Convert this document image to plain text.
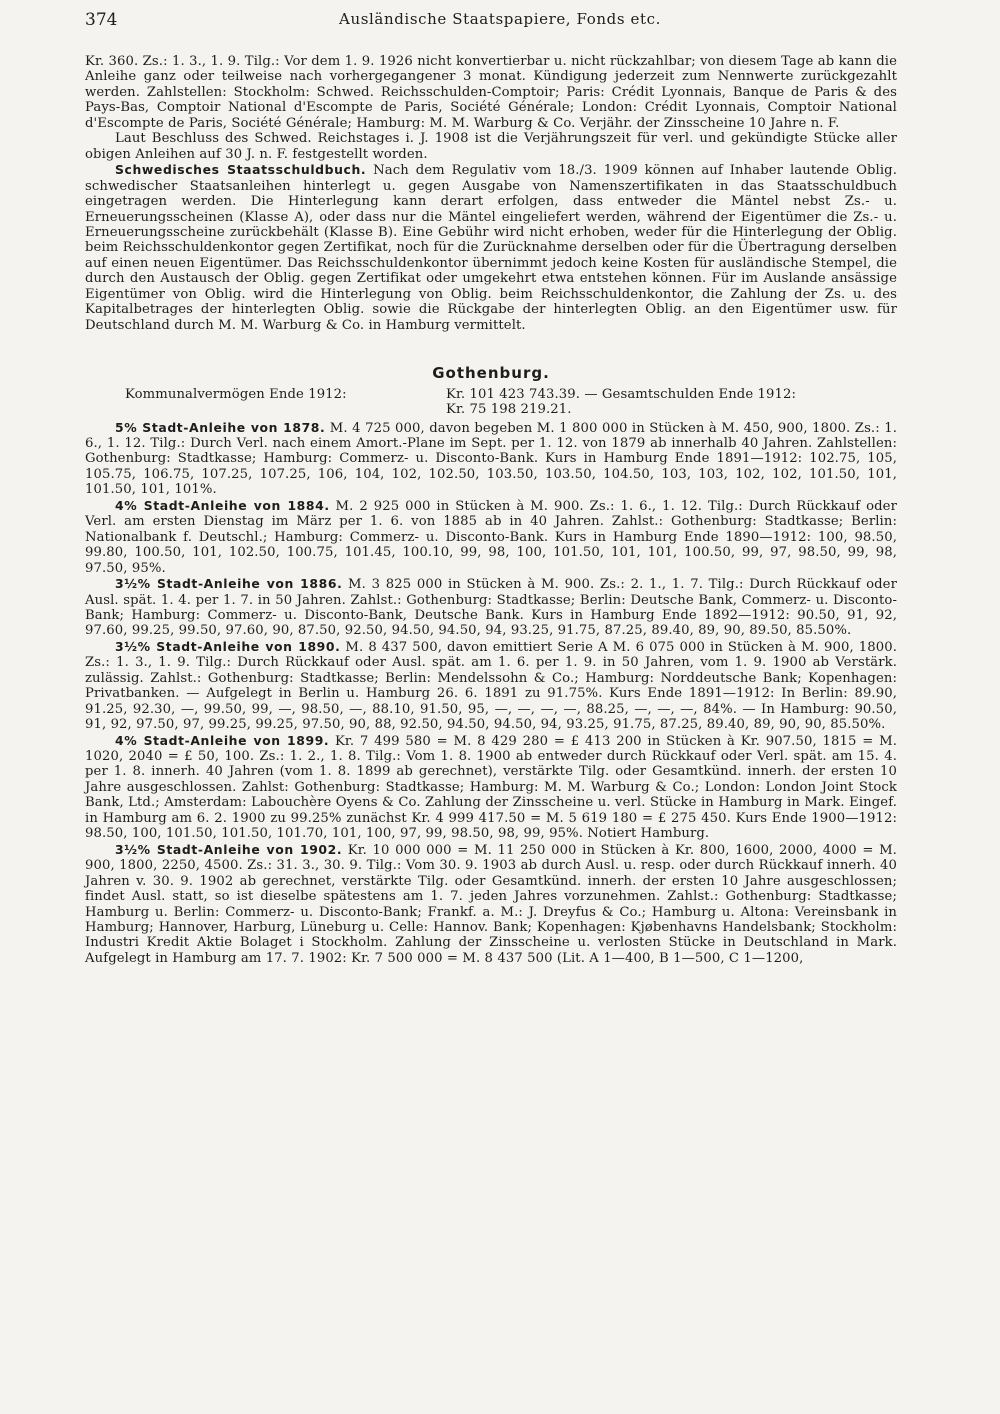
374	Ausländische Staatspapiere, Fonds etc.

Kr. 360. Zs.: 1. 3., 1. 9. Tilg.: Vor dem 1. 9. 1926 nicht konvertierbar u. nicht rückzahlbar; von diesem Tage ab kann die Anleihe ganz oder teilweise nach vorhergegangener 3 monat. Kündigung jederzeit zum Nennwerte zurückgezahlt werden. Zahlstellen: Stockholm: Schwed. Reichsschulden-Comptoir; Paris: Crédit Lyonnais, Banque de Paris & des Pays-Bas, Comptoir National d'Escompte de Paris, Société Générale; London: Crédit Lyonnais, Comptoir National d'Escompte de Paris, Société Générale; Hamburg: M. M. Warburg & Co. Verjähr. der Zinsscheine 10 Jahre n. F.

Laut Beschluss des Schwed. Reichstages i. J. 1908 ist die Verjährungszeit für verl. und gekündigte Stücke aller obigen Anleihen auf 30 J. n. F. festgestellt worden.

Schwedisches Staatsschuldbuch. Nach dem Regulativ vom 18./3. 1909 können auf Inhaber lautende Oblig. schwedischer Staatsanleihen hinterlegt u. gegen Ausgabe von Namenszertifikaten in das Staatsschuldbuch eingetragen werden. Die Hinterlegung kann derart erfolgen, dass entweder die Mäntel nebst Zs.- u. Erneuerungsscheinen (Klasse A), oder dass nur die Mäntel eingeliefert werden, während der Eigentümer die Zs.- u. Erneuerungsscheine zurückbehält (Klasse B). Eine Gebühr wird nicht erhoben, weder für die Hinterlegung der Oblig. beim Reichsschuldenkontor gegen Zertifikat, noch für die Zurücknahme derselben oder für die Übertragung derselben auf einen neuen Eigentümer. Das Reichsschuldenkontor übernimmt jedoch keine Kosten für ausländische Stempel, die durch den Austausch der Oblig. gegen Zertifikat oder umgekehrt etwa entstehen können. Für im Auslande ansässige Eigentümer von Oblig. wird die Hinterlegung von Oblig. beim Reichsschuldenkontor, die Zahlung der Zs. u. des Kapitalbetrages der hinterlegten Oblig. sowie die Rückgabe der hinterlegten Oblig. an den Eigentümer usw. für Deutschland durch M. M. Warburg & Co. in Hamburg vermittelt.

Gothenburg.
Kommunalvermögen Ende 1912:	Kr. 101 423 743.39. — Gesamtschulden Ende 1912:
Kr. 75 198 219.21.

5% Stadt-Anleihe von 1878. M. 4 725 000, davon begeben M. 1 800 000 in Stücken à M. 450, 900, 1800. Zs.: 1. 6., 1. 12. Tilg.: Durch Verl. nach einem Amort.-Plane im Sept. per 1. 12. von 1879 ab innerhalb 40 Jahren. Zahlstellen: Gothenburg: Stadtkasse; Hamburg: Commerz- u. Disconto-Bank. Kurs in Hamburg Ende 1891—1912: 102.75, 105, 105.75, 106.75, 107.25, 107.25, 106, 104, 102, 102.50, 103.50, 103.50, 104.50, 103, 103, 102, 102, 101.50, 101, 101.50, 101, 101%.

4% Stadt-Anleihe von 1884. M. 2 925 000 in Stücken à M. 900. Zs.: 1. 6., 1. 12. Tilg.: Durch Rückkauf oder Verl. am ersten Dienstag im März per 1. 6. von 1885 ab in 40 Jahren. Zahlst.: Gothenburg: Stadtkasse; Berlin: Nationalbank f. Deutschl.; Hamburg: Commerz- u. Disconto-Bank. Kurs in Hamburg Ende 1890—1912: 100, 98.50, 99.80, 100.50, 101, 102.50, 100.75, 101.45, 100.10, 99, 98, 100, 101.50, 101, 101, 100.50, 99, 97, 98.50, 99, 98, 97.50, 95%.

3½% Stadt-Anleihe von 1886. M. 3 825 000 in Stücken à M. 900. Zs.: 2. 1., 1. 7. Tilg.: Durch Rückkauf oder Ausl. spät. 1. 4. per 1. 7. in 50 Jahren. Zahlst.: Gothenburg: Stadtkasse; Berlin: Deutsche Bank, Commerz- u. Disconto-Bank; Hamburg: Commerz- u. Disconto-Bank, Deutsche Bank. Kurs in Hamburg Ende 1892—1912: 90.50, 91, 92, 97.60, 99.25, 99.50, 97.60, 90, 87.50, 92.50, 94.50, 94.50, 94, 93.25, 91.75, 87.25, 89.40, 89, 90, 89.50, 85.50%.

3½% Stadt-Anleihe von 1890. M. 8 437 500, davon emittiert Serie A M. 6 075 000 in Stücken à M. 900, 1800. Zs.: 1. 3., 1. 9. Tilg.: Durch Rückkauf oder Ausl. spät. am 1. 6. per 1. 9. in 50 Jahren, vom 1. 9. 1900 ab Verstärk. zulässig. Zahlst.: Gothenburg: Stadtkasse; Berlin: Mendelssohn & Co.; Hamburg: Norddeutsche Bank; Kopenhagen: Privatbanken. — Aufgelegt in Berlin u. Hamburg 26. 6. 1891 zu 91.75%. Kurs Ende 1891—1912: In Berlin: 89.90, 91.25, 92.30, —, 99.50, 99, —, 98.50, —, 88.10, 91.50, 95, —, —, —, —, 88.25, —, —, —, 84%. — In Hamburg: 90.50, 91, 92, 97.50, 97, 99.25, 99.25, 97.50, 90, 88, 92.50, 94.50, 94.50, 94, 93.25, 91.75, 87.25, 89.40, 89, 90, 90, 85.50%.

4% Stadt-Anleihe von 1899. Kr. 7 499 580 = M. 8 429 280 = £ 413 200 in Stücken à Kr. 907.50, 1815 = M. 1020, 2040 = £ 50, 100. Zs.: 1. 2., 1. 8. Tilg.: Vom 1. 8. 1900 ab entweder durch Rückkauf oder Verl. spät. am 15. 4. per 1. 8. innerh. 40 Jahren (vom 1. 8. 1899 ab gerechnet), verstärkte Tilg. oder Gesamtkünd. innerh. der ersten 10 Jahre ausgeschlossen. Zahlst: Gothenburg: Stadtkasse; Hamburg: M. M. Warburg & Co.; London: London Joint Stock Bank, Ltd.; Amsterdam: Labouchère Oyens & Co. Zahlung der Zinsscheine u. verl. Stücke in Hamburg in Mark. Eingef. in Hamburg am 6. 2. 1900 zu 99.25% zunächst Kr. 4 999 417.50 = M. 5 619 180 = £ 275 450. Kurs Ende 1900—1912: 98.50, 100, 101.50, 101.50, 101.70, 101, 100, 97, 99, 98.50, 98, 99, 95%. Notiert Hamburg.

3½% Stadt-Anleihe von 1902. Kr. 10 000 000 = M. 11 250 000 in Stücken à Kr. 800, 1600, 2000, 4000 = M. 900, 1800, 2250, 4500. Zs.: 31. 3., 30. 9. Tilg.: Vom 30. 9. 1903 ab durch Ausl. u. resp. oder durch Rückkauf innerh. 40 Jahren v. 30. 9. 1902 ab gerechnet, verstärkte Tilg. oder Gesamtkünd. innerh. der ersten 10 Jahre ausgeschlossen; findet Ausl. statt, so ist dieselbe spätestens am 1. 7. jeden Jahres vorzunehmen. Zahlst.: Gothenburg: Stadtkasse; Hamburg u. Berlin: Commerz- u. Disconto-Bank; Frankf. a. M.: J. Dreyfus & Co.; Hamburg u. Altona: Vereinsbank in Hamburg; Hannover, Harburg, Lüneburg u. Celle: Hannov. Bank; Kopenhagen: Kjøbenhavns Handelsbank; Stockholm: Industri Kredit Aktie Bolaget i Stockholm. Zahlung der Zinsscheine u. verlosten Stücke in Deutschland in Mark. Aufgelegt in Hamburg am 17. 7. 1902: Kr. 7 500 000 = M. 8 437 500 (Lit. A 1—400, B 1—500, C 1—1200,
